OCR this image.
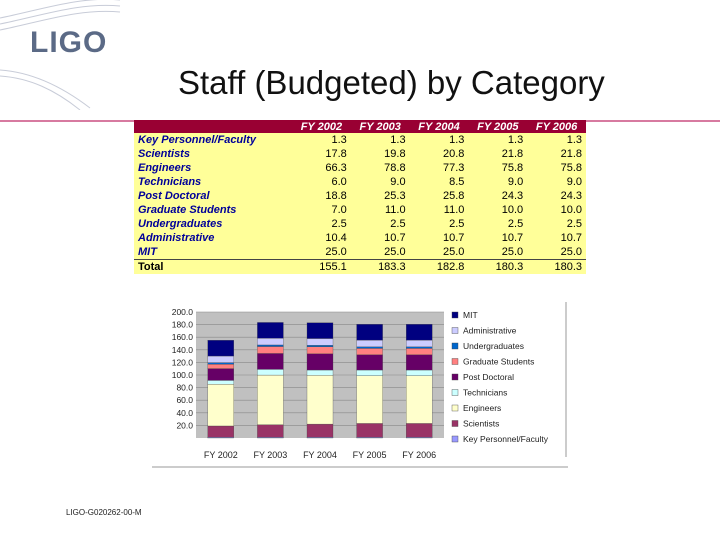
LIGO
Staff (Budgeted) by Category
	FY 2002	FY 2003	FY 2004	FY 2005	FY 2006
Key Personnel/Faculty	1.3	1.3	1.3	1.3	1.3
Scientists	17.8	19.8	20.8	21.8	21.8
Engineers	66.3	78.8	77.3	75.8	75.8
Technicians	6.0	9.0	8.5	9.0	9.0
Post Doctoral	18.8	25.3	25.8	24.3	24.3
Graduate Students	7.0	11.0	11.0	10.0	10.0
Undergraduates	2.5	2.5	2.5	2.5	2.5
Administrative	10.4	10.7	10.7	10.7	10.7
MIT	25.0	25.0	25.0	25.0	25.0
Total	155.1	183.3	182.8	180.3	180.3
20.0
40.0
60.0
80.0
100.0
120.0
140.0
160.0
180.0
200.0
FY 2002 FY 2003 FY 2004 FY 2005 FY 2006
MIT
Administrative
Undergraduates
Graduate Students
Post Doctoral
Technicians
Engineers
Scientists
Key Personnel/Faculty
LIGO-G020262-00-M
